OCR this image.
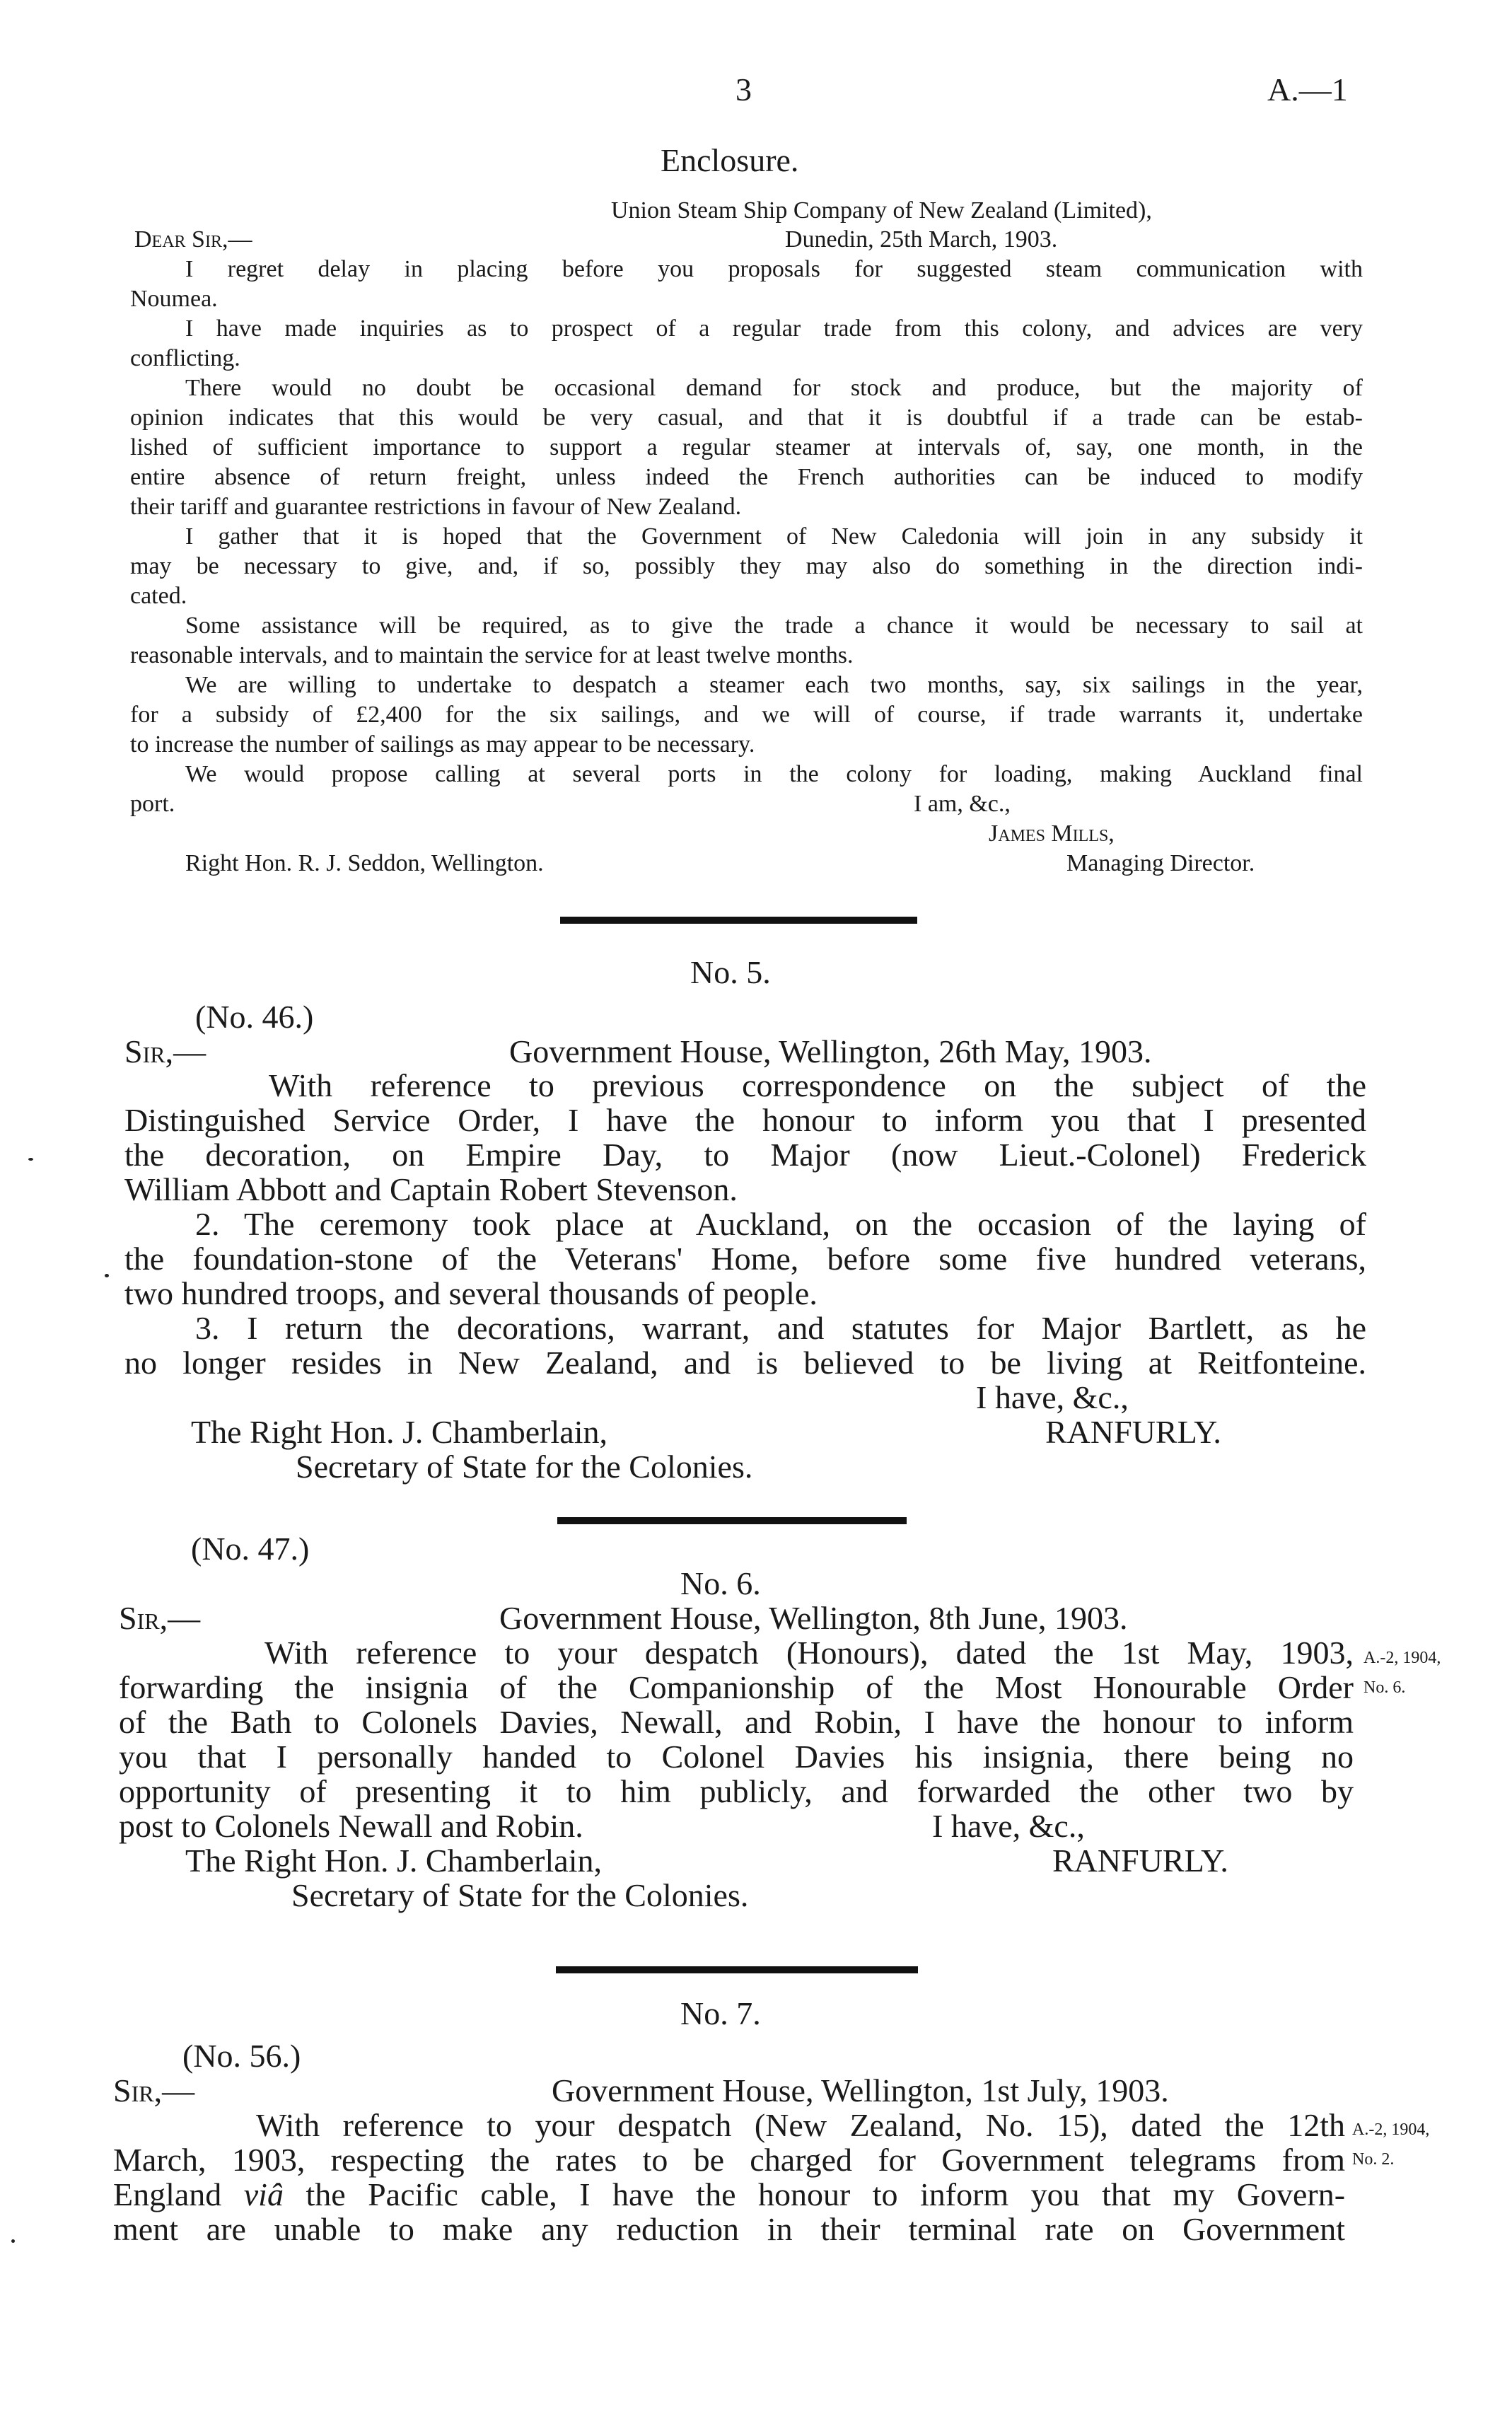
3	A.—1
Enclosure.
Union Steam Ship Company of New Zealand (Limited),
Dear Sir,—	Dunedin, 25th March, 1903.
I regret delay in placing before you proposals for suggested steam communication with
Noumea.
I have made inquiries as to prospect of a regular trade from this colony, and advices are very
conflicting.
There would no doubt be occasional demand for stock and produce, but the majority of
opinion indicates that this would be very casual, and that it is doubtful if a trade can be estab-
lished of sufficient importance to support a regular steamer at intervals of, say, one month, in the
entire absence of return freight, unless indeed the French authorities can be induced to modify
their tariff and guarantee restrictions in favour of New Zealand.
I gather that it is hoped that the Government of New Caledonia will join in any subsidy it
may be necessary to give, and, if so, possibly they may also do something in the direction indi-
cated.
Some assistance will be required, as to give the trade a chance it would be necessary to sail at
reasonable intervals, and to maintain the service for at least twelve months.
We are willing to undertake to despatch a steamer each two months, say, six sailings in the year,
for a subsidy of £2,400 for the six sailings, and we will of course, if trade warrants it, undertake
to increase the number of sailings as may appear to be necessary.
We would propose calling at several ports in the colony for loading, making Auckland final
port.	I am, &c.,
James Mills,
Right Hon. R. J. Seddon, Wellington.	Managing Director.
No. 5.
(No. 46.)
Sir,—	Government House, Wellington, 26th May, 1903.
With reference to previous correspondence on the subject of the
Distinguished Service Order, I have the honour to inform you that I presented
the decoration, on Empire Day, to Major (now Lieut.-Colonel) Frederick
William Abbott and Captain Robert Stevenson.
2. The ceremony took place at Auckland, on the occasion of the laying of
the foundation-stone of the Veterans' Home, before some five hundred veterans,
two hundred troops, and several thousands of people.
3. I return the decorations, warrant, and statutes for Major Bartlett, as he
no longer resides in New Zealand, and is believed to be living at Reitfonteine.
I have, &c.,
The Right Hon. J. Chamberlain,	RANFURLY.
Secretary of State for the Colonies.
(No. 47.)
No. 6.
Sir,—	Government House, Wellington, 8th June, 1903.
With reference to your despatch (Honours), dated the 1st May, 1903,
forwarding the insignia of the Companionship of the Most Honourable Order
of the Bath to Colonels Davies, Newall, and Robin, I have the honour to inform
you that I personally handed to Colonel Davies his insignia, there being no
opportunity of presenting it to him publicly, and forwarded the other two by
post to Colonels Newall and Robin.	I have, &c.,
The Right Hon. J. Chamberlain,	RANFURLY.
Secretary of State for the Colonies.
A.-2, 1904,
No. 6.
No. 7.
(No. 56.)
Sir,—	Government House, Wellington, 1st July, 1903.
With reference to your despatch (New Zealand, No. 15), dated the 12th
March, 1903, respecting the rates to be charged for Government telegrams from
England viâ the Pacific cable, I have the honour to inform you that my Govern-
ment are unable to make any reduction in their terminal rate on Government
A.-2, 1904,
No. 2.
